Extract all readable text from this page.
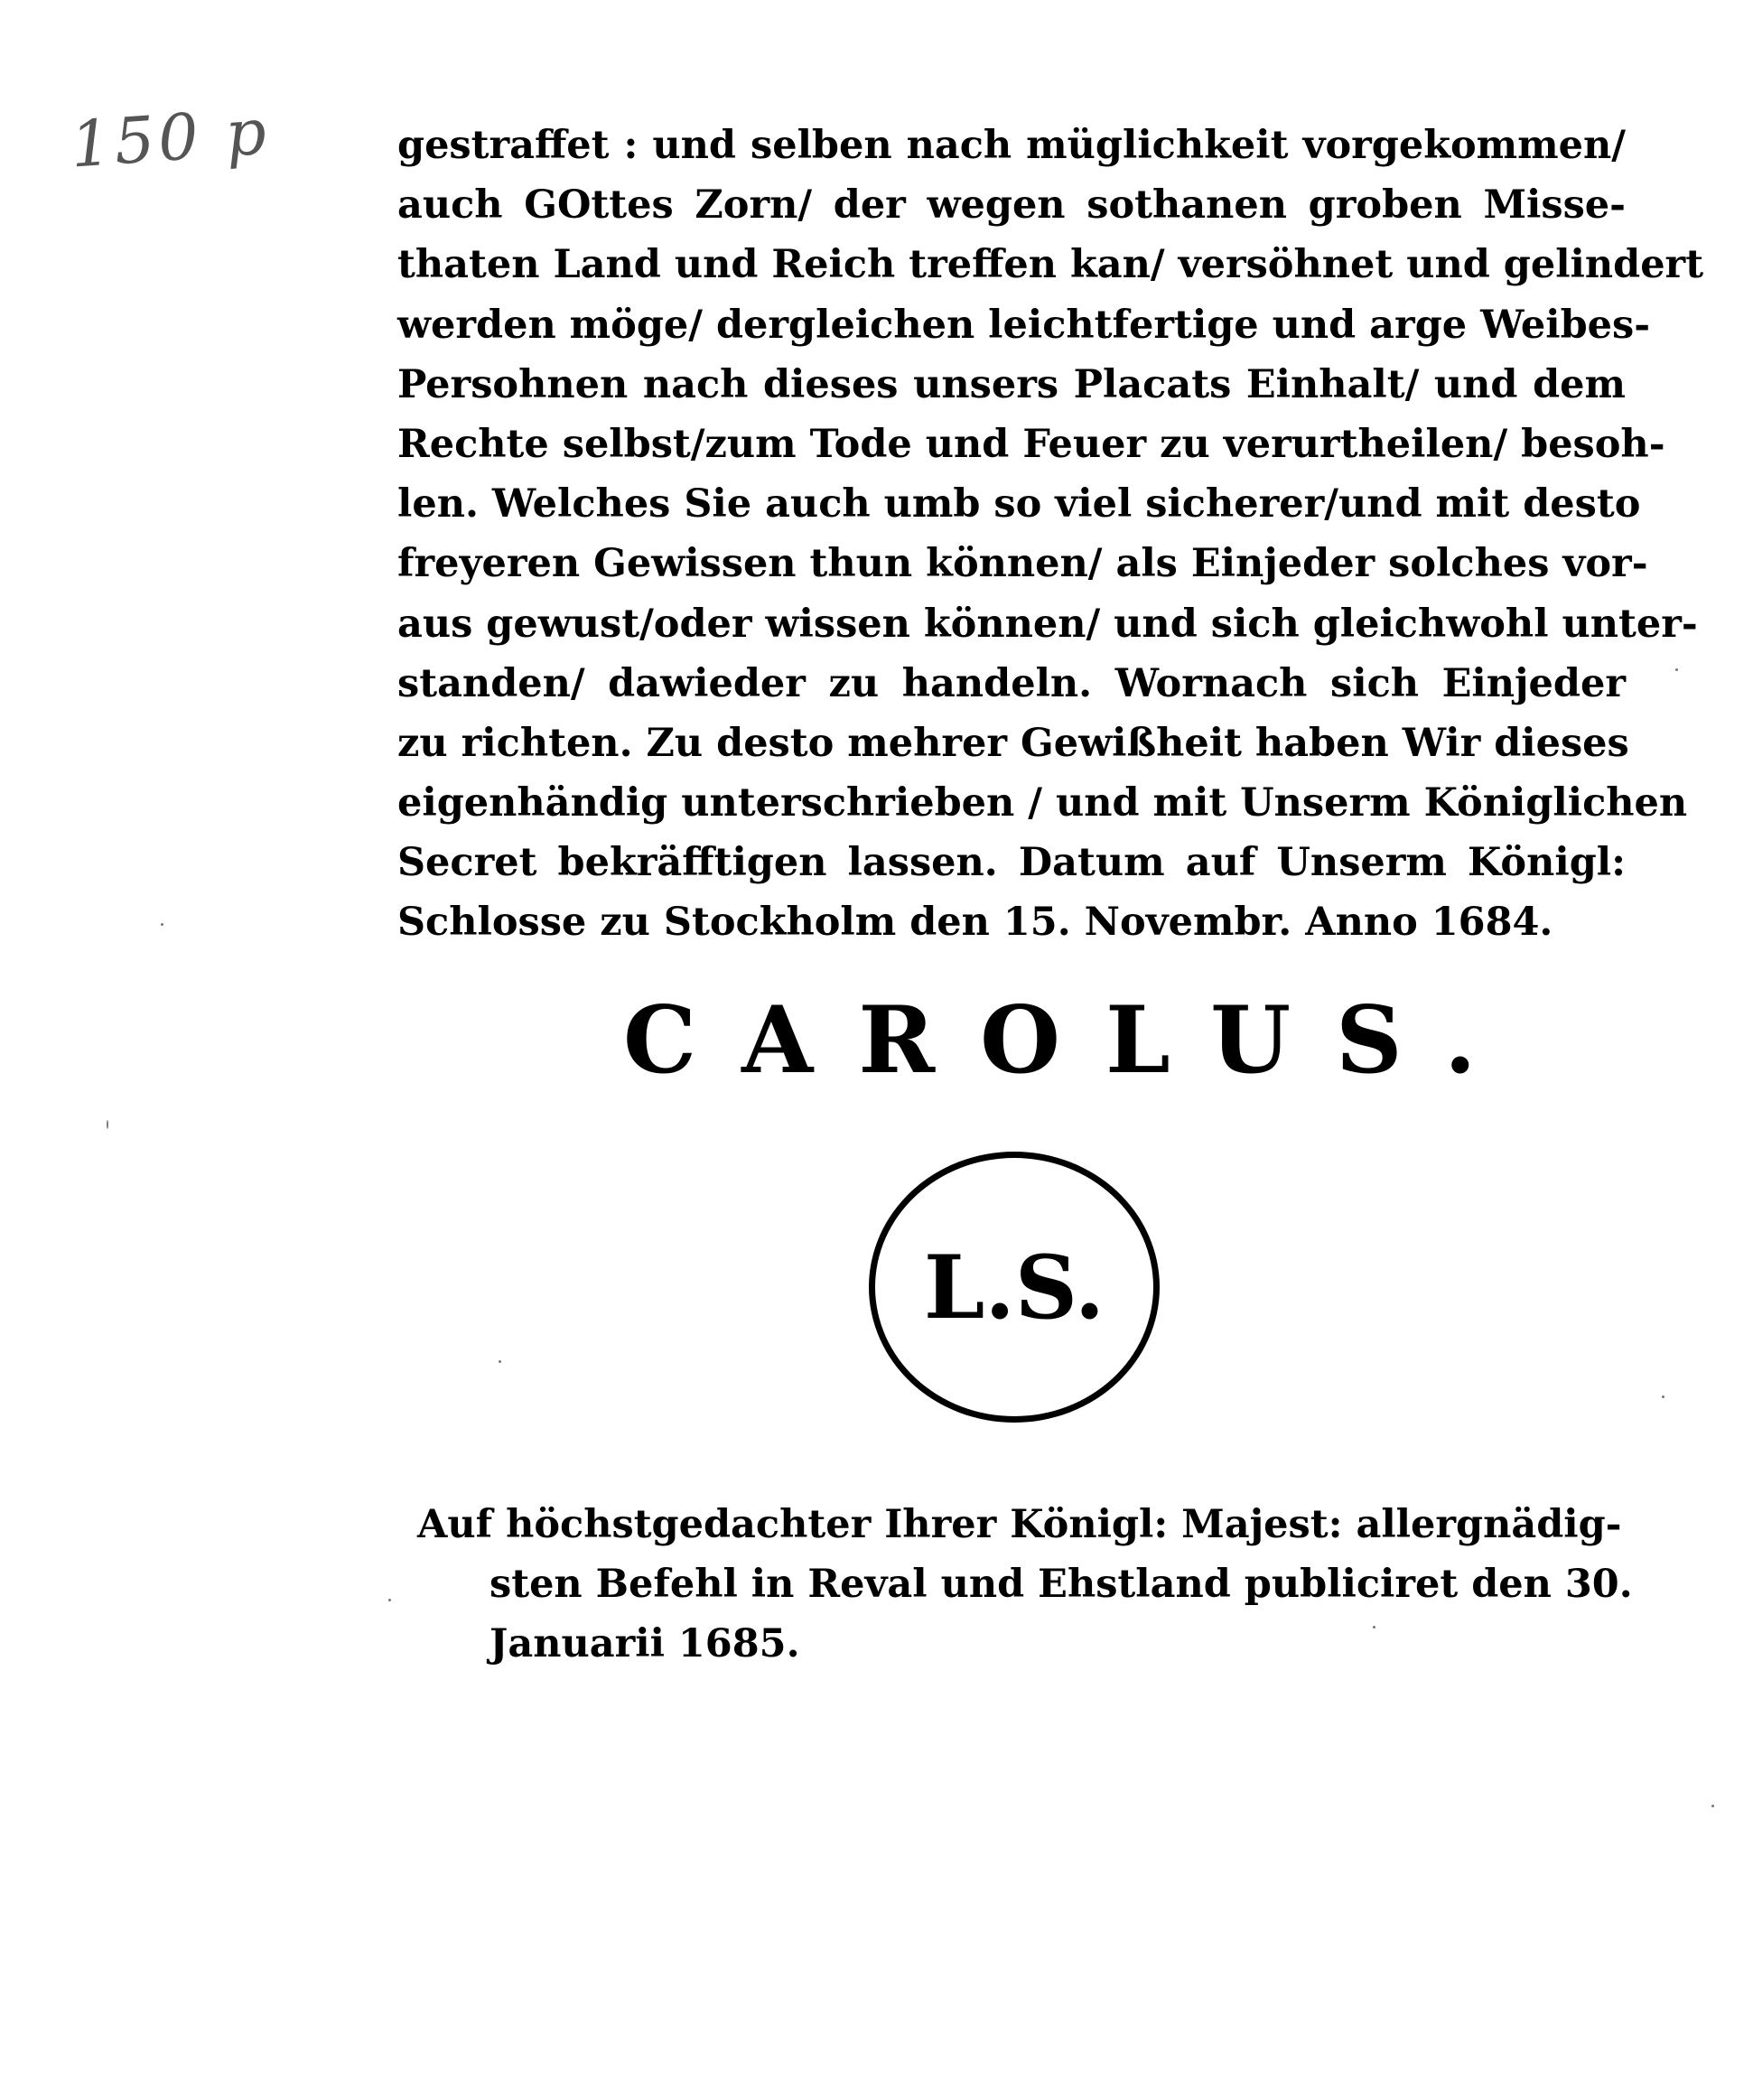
150 p	gestraffet : und selben nach müglichkeit vorgekommen/
auch GOttes Zorn/ der wegen sothanen groben Misse-
thaten Land und Reich treffen kan/ versöhnet und gelindert
werden möge/ dergleichen leichtfertige und arge Weibes-
Persohnen nach dieses unsers Placats Einhalt/ und dem
Rechte selbst/zum Tode und Feuer zu verurtheilen/ besoh-
len. Welches Sie auch umb so viel sicherer/und mit desto
freyeren Gewissen thun können/ als Einjeder solches vor-
aus gewust/oder wissen können/ und sich gleichwohl unter-
standen/ dawieder zu handeln. Wornach sich Einjeder
zu richten. Zu desto mehrer Gewißheit haben Wir dieses
eigenhändig unterschrieben / und mit Unserm Königlichen
Secret bekräfftigen lassen. Datum auf Unserm Königl:
Schlosse zu Stockholm den 15. Novembr. Anno 1684.
CAROLUS.
L.S.
Auf höchstgedachter Ihrer Königl: Majest: allergnädig-
sten Befehl in Reval und Ehstland publiciret den 30.
Januarii 1685.
